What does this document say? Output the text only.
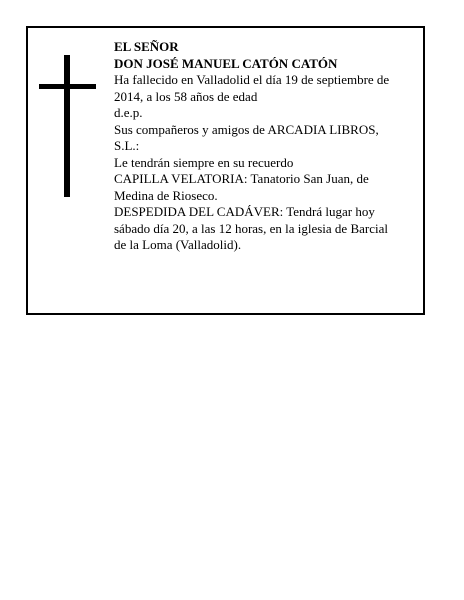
EL SEÑOR

DON JOSÉ MANUEL CATÓN CATÓN

Ha fallecido en Valladolid el día 19 de septiembre de 2014, a los 58 años de edad

d.e.p.

Sus compañeros y amigos de ARCADIA LIBROS, S.L.:

Le tendrán siempre en su recuerdo

CAPILLA VELATORIA: Tanatorio San Juan, de Medina de Rioseco.

DESPEDIDA DEL CADÁVER: Tendrá lugar hoy sábado día 20, a las 12 horas, en la iglesia de Barcial de la Loma (Valladolid).
